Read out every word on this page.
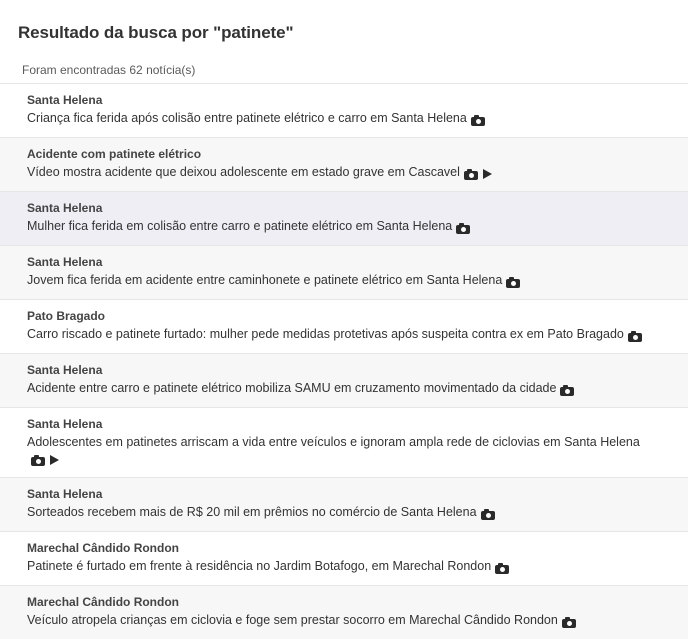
Resultado da busca por "patinete"
Foram encontradas 62 notícia(s)
Santa Helena
Criança fica ferida após colisão entre patinete elétrico e carro em Santa Helena
Acidente com patinete elétrico
Vídeo mostra acidente que deixou adolescente em estado grave em Cascavel
Santa Helena
Mulher fica ferida em colisão entre carro e patinete elétrico em Santa Helena
Santa Helena
Jovem fica ferida em acidente entre caminhonete e patinete elétrico em Santa Helena
Pato Bragado
Carro riscado e patinete furtado: mulher pede medidas protetivas após suspeita contra ex em Pato Bragado
Santa Helena
Acidente entre carro e patinete elétrico mobiliza SAMU em cruzamento movimentado da cidade
Santa Helena
Adolescentes em patinetes arriscam a vida entre veículos e ignoram ampla rede de ciclovias em Santa Helena
Santa Helena
Sorteados recebem mais de R$ 20 mil em prêmios no comércio de Santa Helena
Marechal Cândido Rondon
Patinete é furtado em frente à residência no Jardim Botafogo, em Marechal Rondon
Marechal Cândido Rondon
Veículo atropela crianças em ciclovia e foge sem prestar socorro em Marechal Cândido Rondon
